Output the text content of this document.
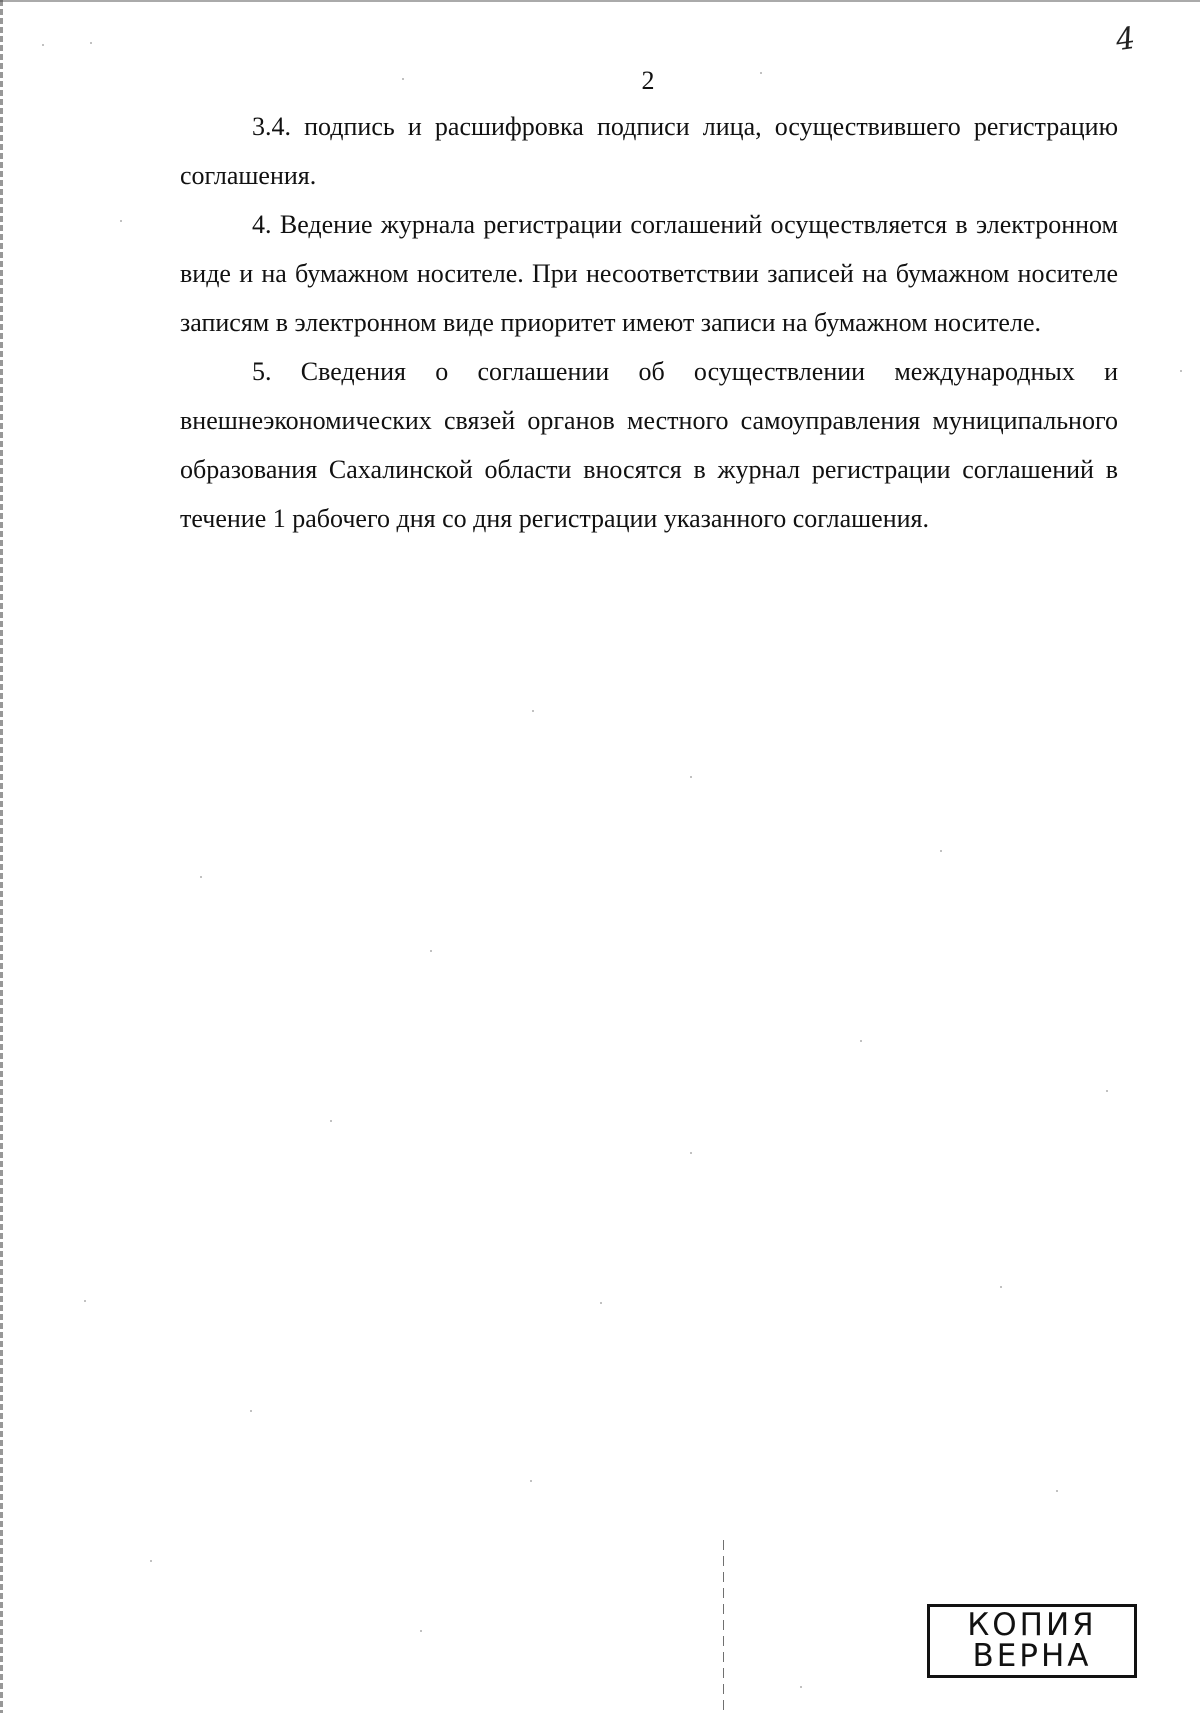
4
2

3.4. подпись и расшифровка подписи лица, осуществившего регистрацию соглашения.

4. Ведение журнала регистрации соглашений осуществляется в электронном виде и на бумажном носителе. При несоответствии записей на бумажном носителе записям в электронном виде приоритет имеют записи на бумажном носителе.

5. Сведения о соглашении об осуществлении международных и внешнеэкономических связей органов местного самоуправления муниципального образования Сахалинской области вносятся в журнал регистрации соглашений в течение 1 рабочего дня со дня регистрации указанного соглашения.

КОПИЯ
ВЕРНА
